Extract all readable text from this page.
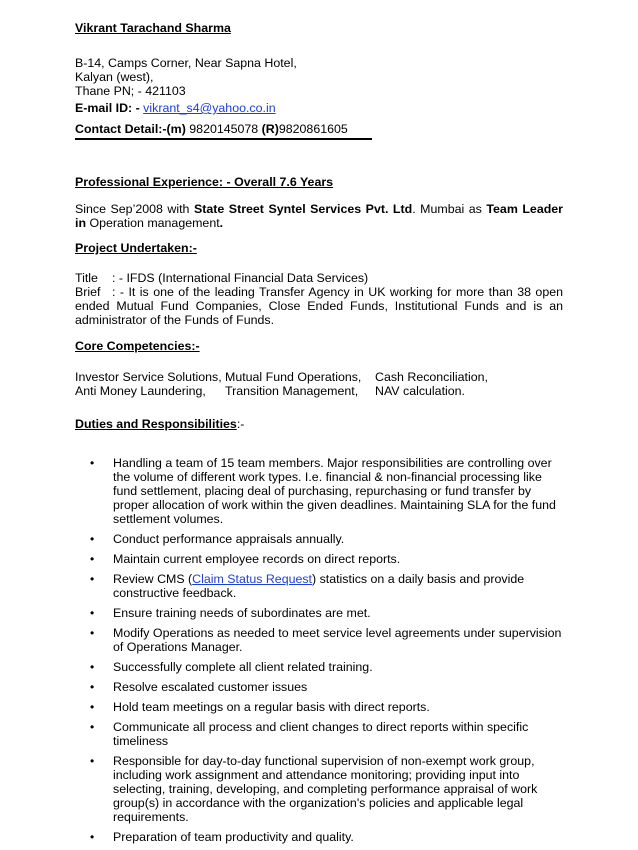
Vikrant Tarachand Sharma
B-14, Camps Corner, Near Sapna Hotel,
Kalyan (west),
Thane PN; - 421103
E-mail ID: - vikrant_s4@yahoo.co.in
Contact Detail:-(m) 9820145078 (R)9820861605
Professional Experience: - Overall 7.6 Years
Since Sep’2008 with State Street Syntel Services Pvt. Ltd. Mumbai as Team Leader in Operation management.
Project Undertaken:-
Title : - IFDS (International Financial Data Services)
Brief : - It is one of the leading Transfer Agency in UK working for more than 38 open ended Mutual Fund Companies, Close Ended Funds, Institutional Funds and is an administrator of the Funds of Funds.
Core Competencies:-
Investor Service Solutions,
Anti Money Laundering,
Mutual Fund Operations,
Transition Management,
Cash Reconciliation,
NAV calculation.
Duties and Responsibilities:-
• Handling a team of 15 team members. Major responsibilities are controlling over the volume of different work types. I.e. financial & non-financial processing like fund settlement, placing deal of purchasing, repurchasing or fund transfer by proper allocation of work within the given deadlines. Maintaining SLA for the fund settlement volumes.
• Conduct performance appraisals annually.
• Maintain current employee records on direct reports.
• Review CMS (Claim Status Request) statistics on a daily basis and provide constructive feedback.
• Ensure training needs of subordinates are met.
• Modify Operations as needed to meet service level agreements under supervision of Operations Manager.
• Successfully complete all client related training.
• Resolve escalated customer issues
• Hold team meetings on a regular basis with direct reports.
• Communicate all process and client changes to direct reports within specific timeliness
• Responsible for day-to-day functional supervision of non-exempt work group, including work assignment and attendance monitoring; providing input into selecting, training, developing, and completing performance appraisal of work group(s) in accordance with the organization's policies and applicable legal requirements.
• Preparation of team productivity and quality.
